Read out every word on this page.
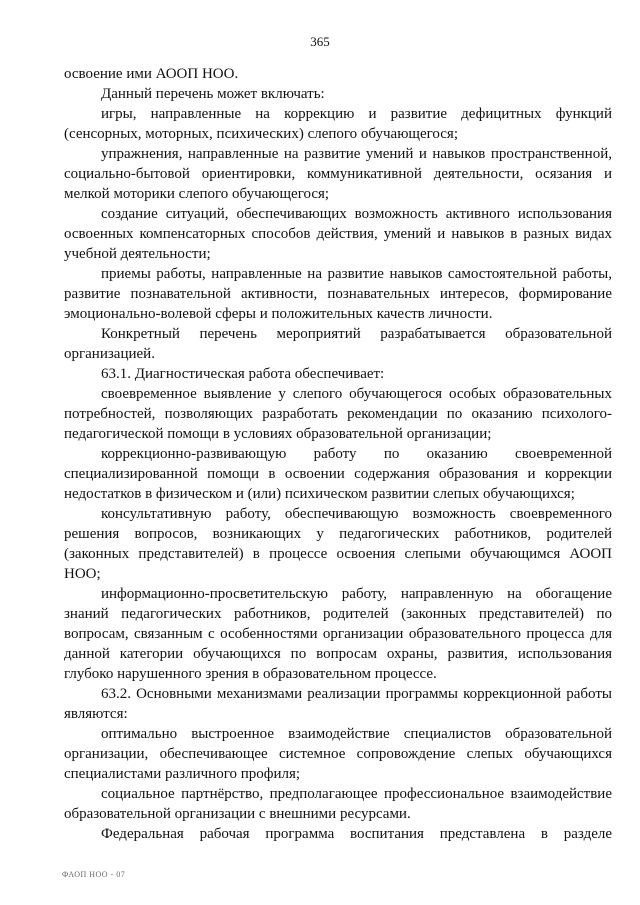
365

освоение ими АООП НОО.

Данный перечень может включать:

игры, направленные на коррекцию и развитие дефицитных функций (сенсорных, моторных, психических) слепого обучающегося;

упражнения, направленные на развитие умений и навыков пространственной, социально-бытовой ориентировки, коммуникативной деятельности, осязания и мелкой моторики слепого обучающегося;

создание ситуаций, обеспечивающих возможность активного использования освоенных компенсаторных способов действия, умений и навыков в разных видах учебной деятельности;

приемы работы, направленные на развитие навыков самостоятельной работы, развитие познавательной активности, познавательных интересов, формирование эмоционально-волевой сферы и положительных качеств личности.

Конкретный перечень мероприятий разрабатывается образовательной организацией.

63.1. Диагностическая работа обеспечивает:

своевременное выявление у слепого обучающегося особых образовательных потребностей, позволяющих разработать рекомендации по оказанию психолого-педагогической помощи в условиях образовательной организации;

коррекционно-развивающую работу по оказанию своевременной специализированной помощи в освоении содержания образования и коррекции недостатков в физическом и (или) психическом развитии слепых обучающихся;

консультативную работу, обеспечивающую возможность своевременного решения вопросов, возникающих у педагогических работников, родителей (законных представителей) в процессе освоения слепыми обучающимся АООП НОО;

информационно-просветительскую работу, направленную на обогащение знаний педагогических работников, родителей (законных представителей) по вопросам, связанным с особенностями организации образовательного процесса для данной категории обучающихся по вопросам охраны, развития, использования глубоко нарушенного зрения в образовательном процессе.

63.2. Основными механизмами реализации программы коррекционной работы являются:

оптимально выстроенное взаимодействие специалистов образовательной организации, обеспечивающее системное сопровождение слепых обучающихся специалистами различного профиля;

социальное партнёрство, предполагающее профессиональное взаимодействие образовательной организации с внешними ресурсами.

Федеральная рабочая программа воспитания представлена в разделе

ФАОП НОО - 07
